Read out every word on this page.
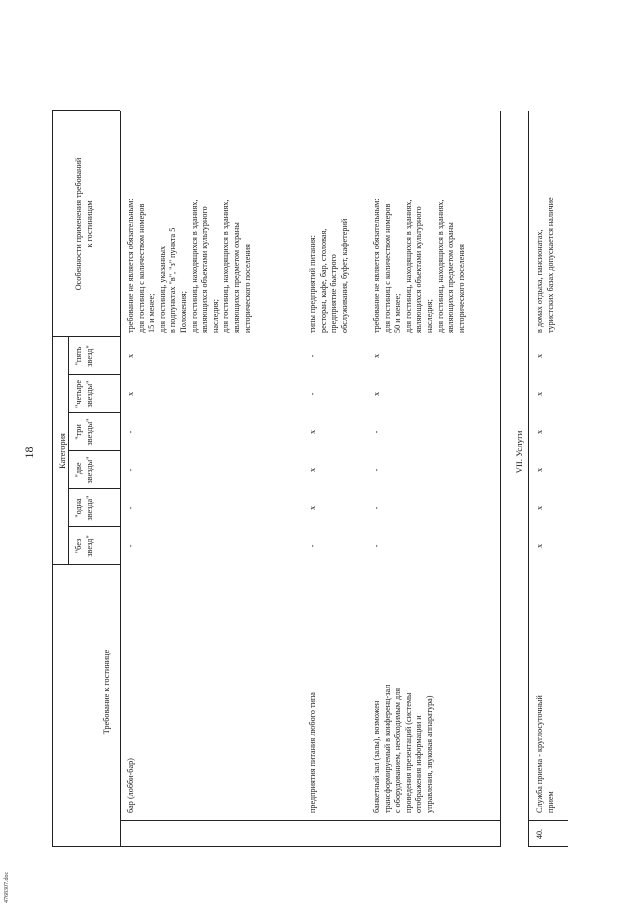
18
4768307.doc
Требование к гостинице
Категория
"без звезд"
"одна звезда"
"две звезды"
"три звезды"
"четыре звезды"
"пять звезд"
Особенности применения требований к гостиницам
бар (лобби-бар)
-
-
-
-
x
x
требование не является обязательным: для гостиниц с количеством номеров 15 и менее; для гостиниц, указанных в подпунктах "в", "з" пункта 5 Положения; для гостиниц, находящихся в зданиях, являющихся объектами культурного наследия; для гостиниц, находящихся в зданиях, являющихся предметом охраны исторического поселения
предприятия питания любого типа
-
x
x
x
-
-
типы предприятий питания: ресторан, кафе, бар, столовая, предприятие быстрого обслуживания, буфет, кафетерий
банкетный зал (залы), возможен трансформируемый в конференц-зал с оборудованием, необходимым для проведения презентаций (системы отображения информации и управления, звуковая аппаратура)
-
-
-
-
x
x
требование не является обязательным: для гостиниц с количеством номеров 50 и менее; для гостиниц, находящихся в зданиях, являющихся объектами культурного наследия; для гостиниц, находящихся в зданиях, являющихся предметом охраны исторического поселения
VII. Услуги
40.
Служба приема - круглосуточный прием
x
x
x
x
x
x
в домах отдыха, пансионатах, туристских базах допускается наличие
